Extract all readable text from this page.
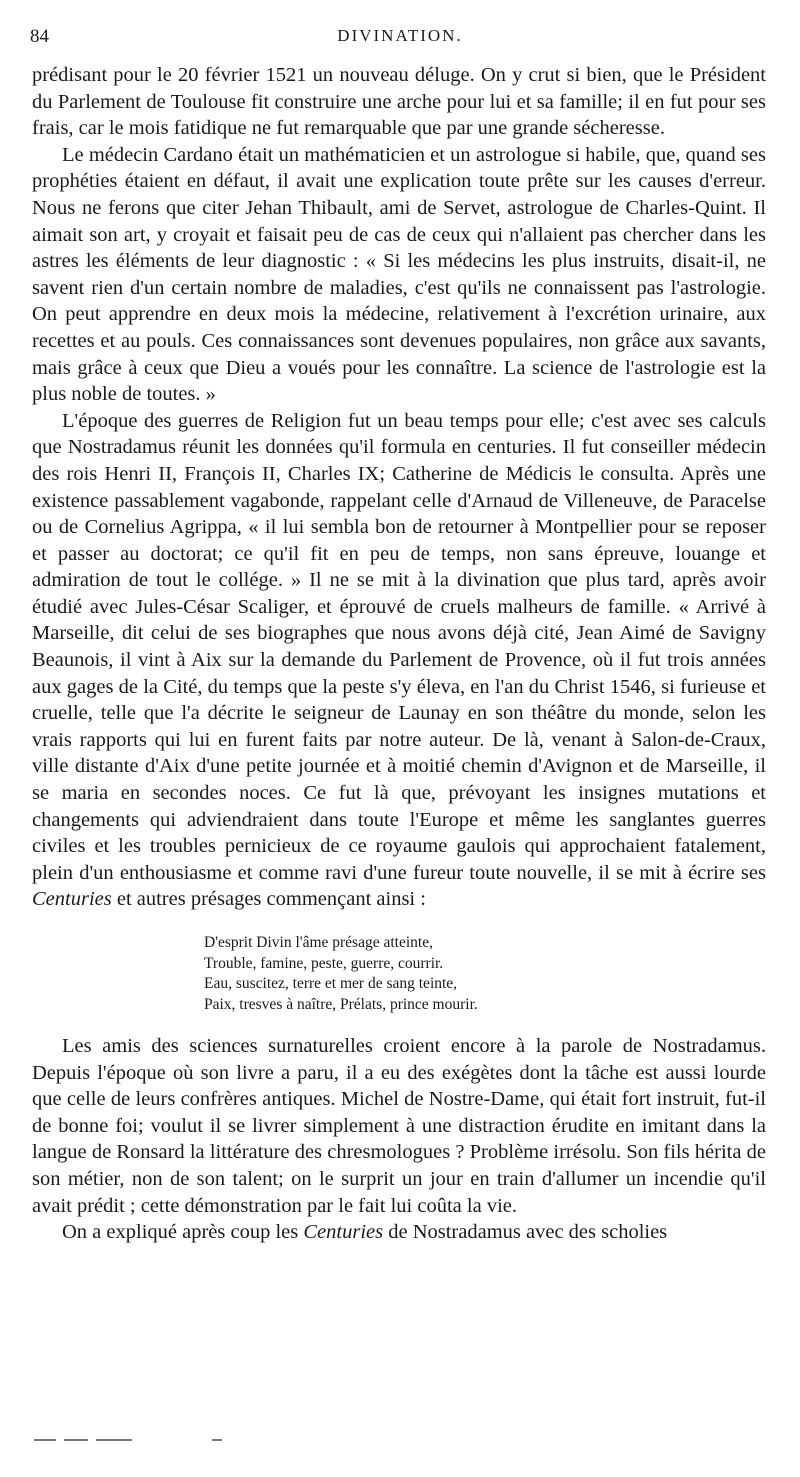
84	DIVINATION.

prédisant pour le 20 février 1521 un nouveau déluge. On y crut si bien, que le Président du Parlement de Toulouse fit construire une arche pour lui et sa famille; il en fut pour ses frais, car le mois fatidique ne fut remarquable que par une grande sécheresse.

Le médecin Cardano était un mathématicien et un astrologue si habile, que, quand ses prophéties étaient en défaut, il avait une explication toute prête sur les causes d'erreur. Nous ne ferons que citer Jehan Thibault, ami de Servet, astrologue de Charles-Quint. Il aimait son art, y croyait et faisait peu de cas de ceux qui n'allaient pas chercher dans les astres les éléments de leur diagnostic : « Si les médecins les plus instruits, disait-il, ne savent rien d'un certain nombre de maladies, c'est qu'ils ne connaissent pas l'astrologie. On peut apprendre en deux mois la médecine, relativement à l'excrétion urinaire, aux recettes et au pouls. Ces connaissances sont devenues populaires, non grâce aux savants, mais grâce à ceux que Dieu a voués pour les connaître. La science de l'astrologie est la plus noble de toutes. »

L'époque des guerres de Religion fut un beau temps pour elle; c'est avec ses calculs que Nostradamus réunit les données qu'il formula en centuries. Il fut conseiller médecin des rois Henri II, François II, Charles IX; Catherine de Médicis le consulta. Après une existence passablement vagabonde, rappelant celle d'Arnaud de Villeneuve, de Paracelse ou de Cornelius Agrippa, « il lui sembla bon de retourner à Montpellier pour se reposer et passer au doctorat; ce qu'il fit en peu de temps, non sans épreuve, louange et admiration de tout le collége. » Il ne se mit à la divination que plus tard, après avoir étudié avec Jules-César Scaliger, et éprouvé de cruels malheurs de famille. « Arrivé à Marseille, dit celui de ses biographes que nous avons déjà cité, Jean Aimé de Savigny Beaunois, il vint à Aix sur la demande du Parlement de Provence, où il fut trois années aux gages de la Cité, du temps que la peste s'y éleva, en l'an du Christ 1546, si furieuse et cruelle, telle que l'a décrite le seigneur de Launay en son théâtre du monde, selon les vrais rapports qui lui en furent faits par notre auteur. De là, venant à Salon-de-Craux, ville distante d'Aix d'une petite journée et à moitié chemin d'Avignon et de Marseille, il se maria en secondes noces. Ce fut là que, prévoyant les insignes mutations et changements qui adviendraient dans toute l'Europe et même les sanglantes guerres civiles et les troubles pernicieux de ce royaume gaulois qui approchaient fatalement, plein d'un enthousiasme et comme ravi d'une fureur toute nouvelle, il se mit à écrire ses Centuries et autres présages commençant ainsi :

D'esprit Divin l'âme présage atteinte,
Trouble, famine, peste, guerre, courrir.
Eau, suscitez, terre et mer de sang teinte,
Paix, tresves à naître, Prélats, prince mourir.

Les amis des sciences surnaturelles croient encore à la parole de Nostradamus. Depuis l'époque où son livre a paru, il a eu des exégètes dont la tâche est aussi lourde que celle de leurs confrères antiques. Michel de Nostre-Dame, qui était fort instruit, fut-il de bonne foi; voulut il se livrer simplement à une distraction érudite en imitant dans la langue de Ronsard la littérature des chresmologues ? Problème irrésolu. Son fils hérita de son métier, non de son talent; on le surprit un jour en train d'allumer un incendie qu'il avait prédit ; cette démonstration par le fait lui coûta la vie.

On a expliqué après coup les Centuries de Nostradamus avec des scholies
